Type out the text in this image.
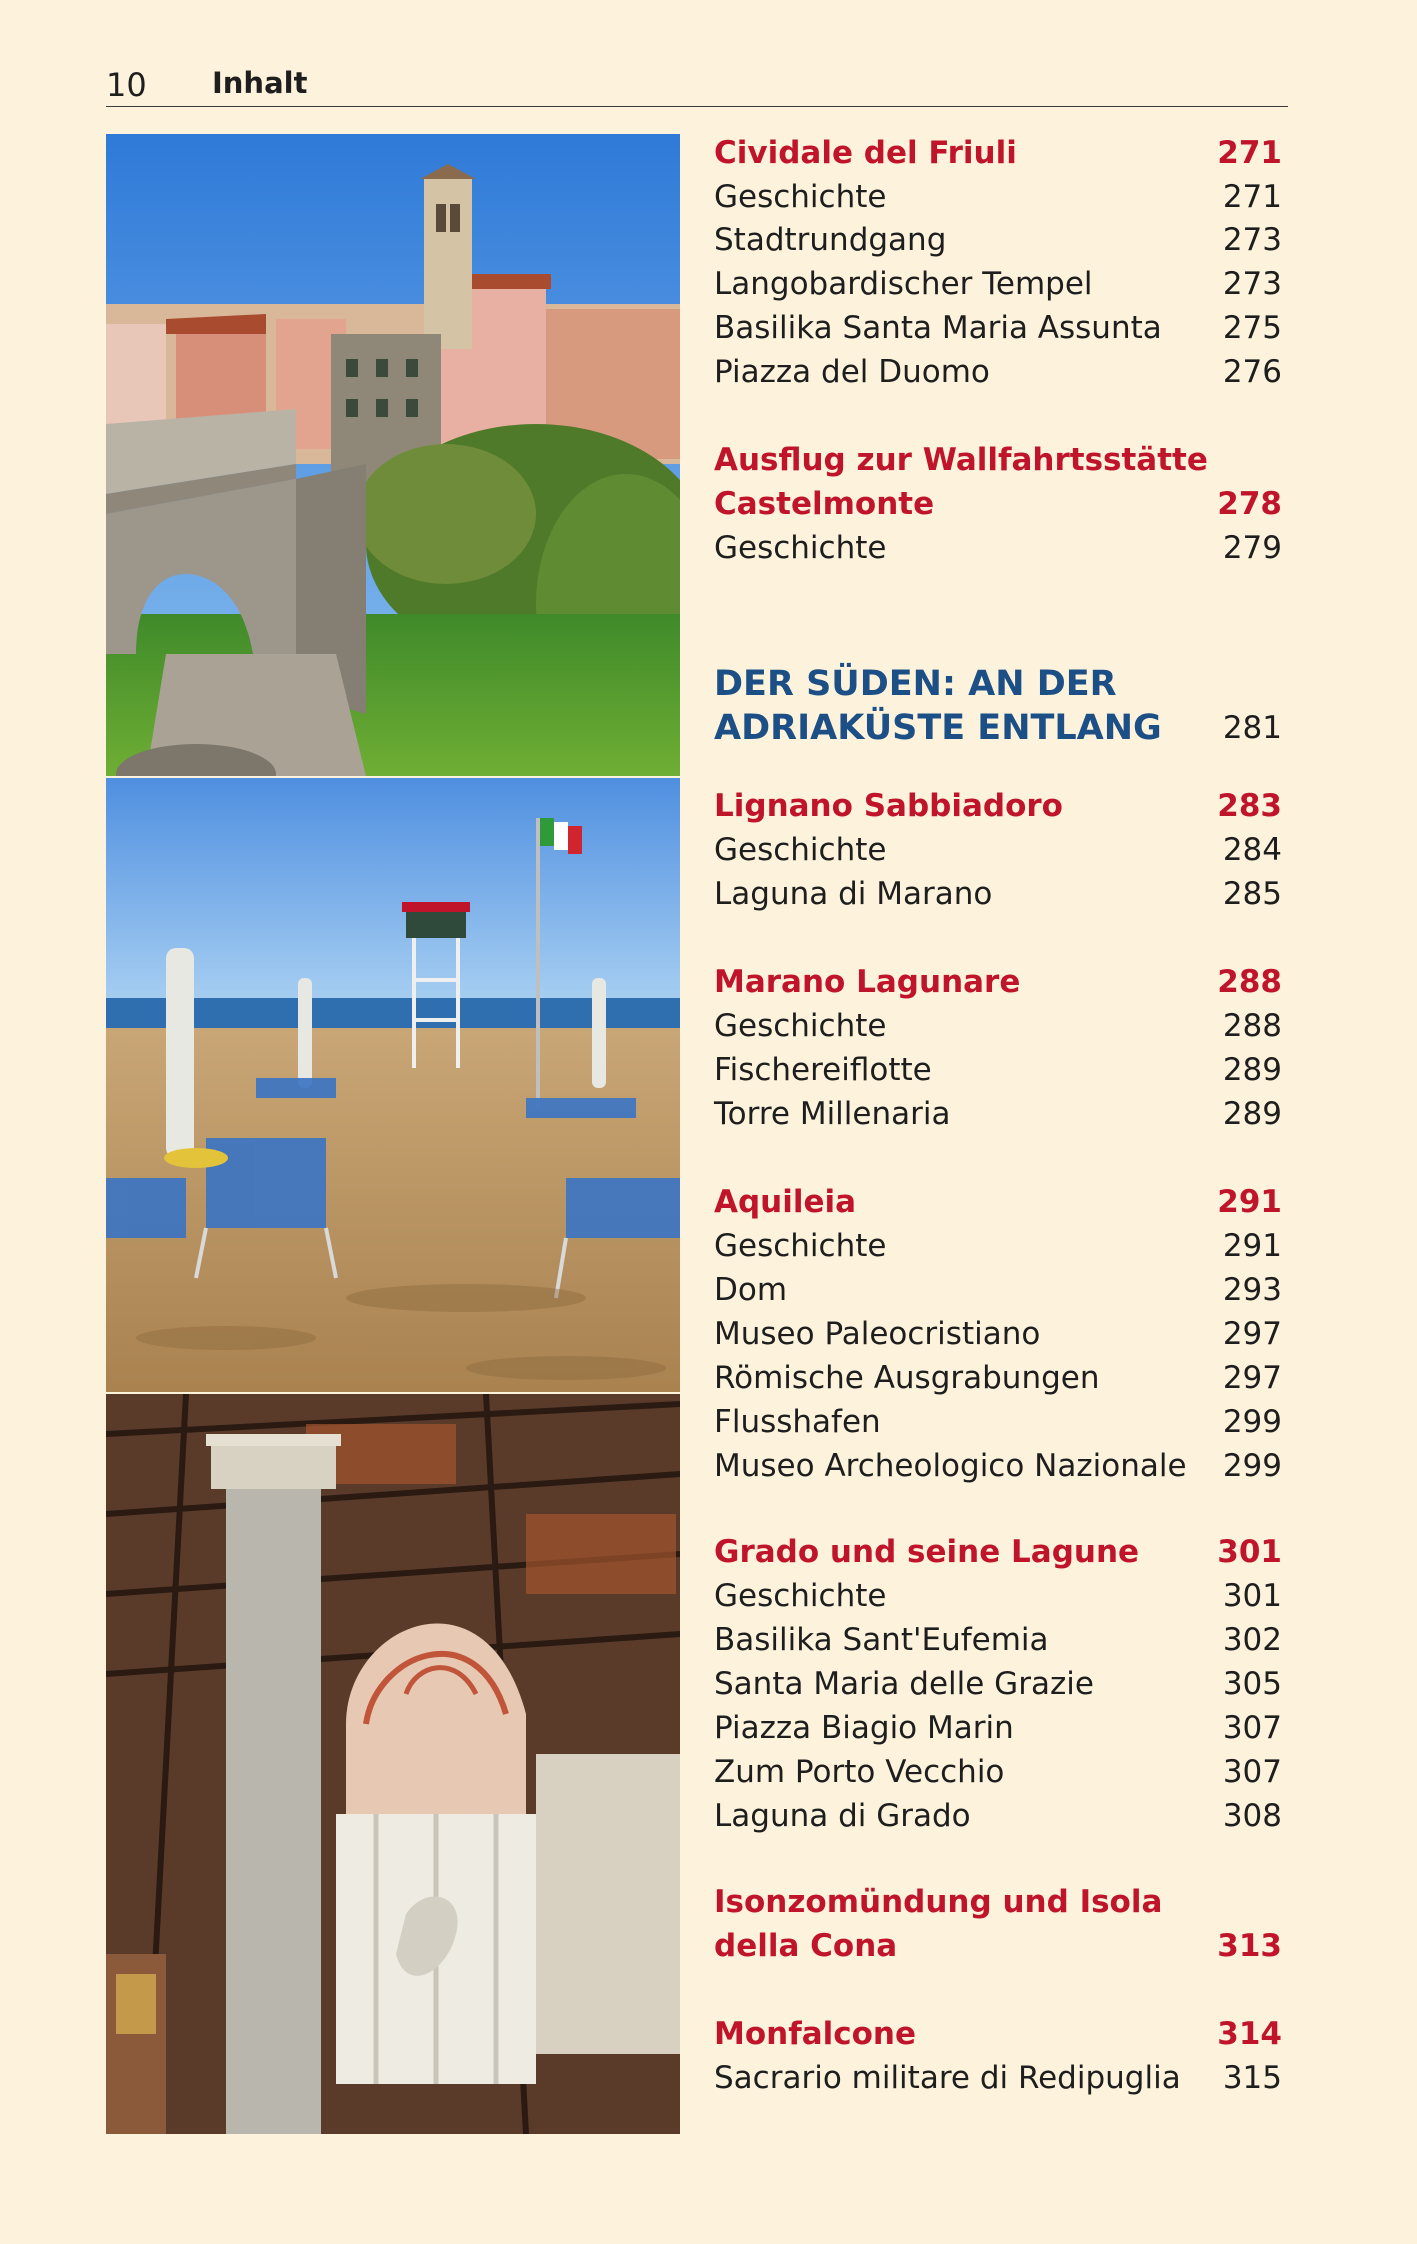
10 Inhalt
Cividale del Friuli	271
Geschichte	271
Stadtrundgang	273
Langobardischer Tempel	273
Basilika Santa Maria Assunta 275
Piazza del Duomo	276
Ausflug zur Wallfahrtsstätte
Castelmonte	278
Geschichte	279
DER SÜDEN: AN DER
ADRIAKÜSTE ENTLANG 281
Lignano Sabbiadoro	283
Geschichte	284
Laguna di Marano	285
Marano Lagunare	288
Geschichte	288
Fischereiflotte	289
Torre Millenaria	289
Aquileia	291
Geschichte	291
Dom	293
Museo Paleocristiano	297
Römische Ausgrabungen	297
Flusshafen	299
Museo Archeologico Nazionale 299
Grado und seine Lagune	301
Geschichte	301
Basilika Sant'Eufemia	302
Santa Maria delle Grazie	305
Piazza Biagio Marin	307
Zum Porto Vecchio	307
Laguna di Grado	308
Isonzomündung und Isola
della Cona	313
Monfalcone	314
Sacrario militare di Redipuglia 315
